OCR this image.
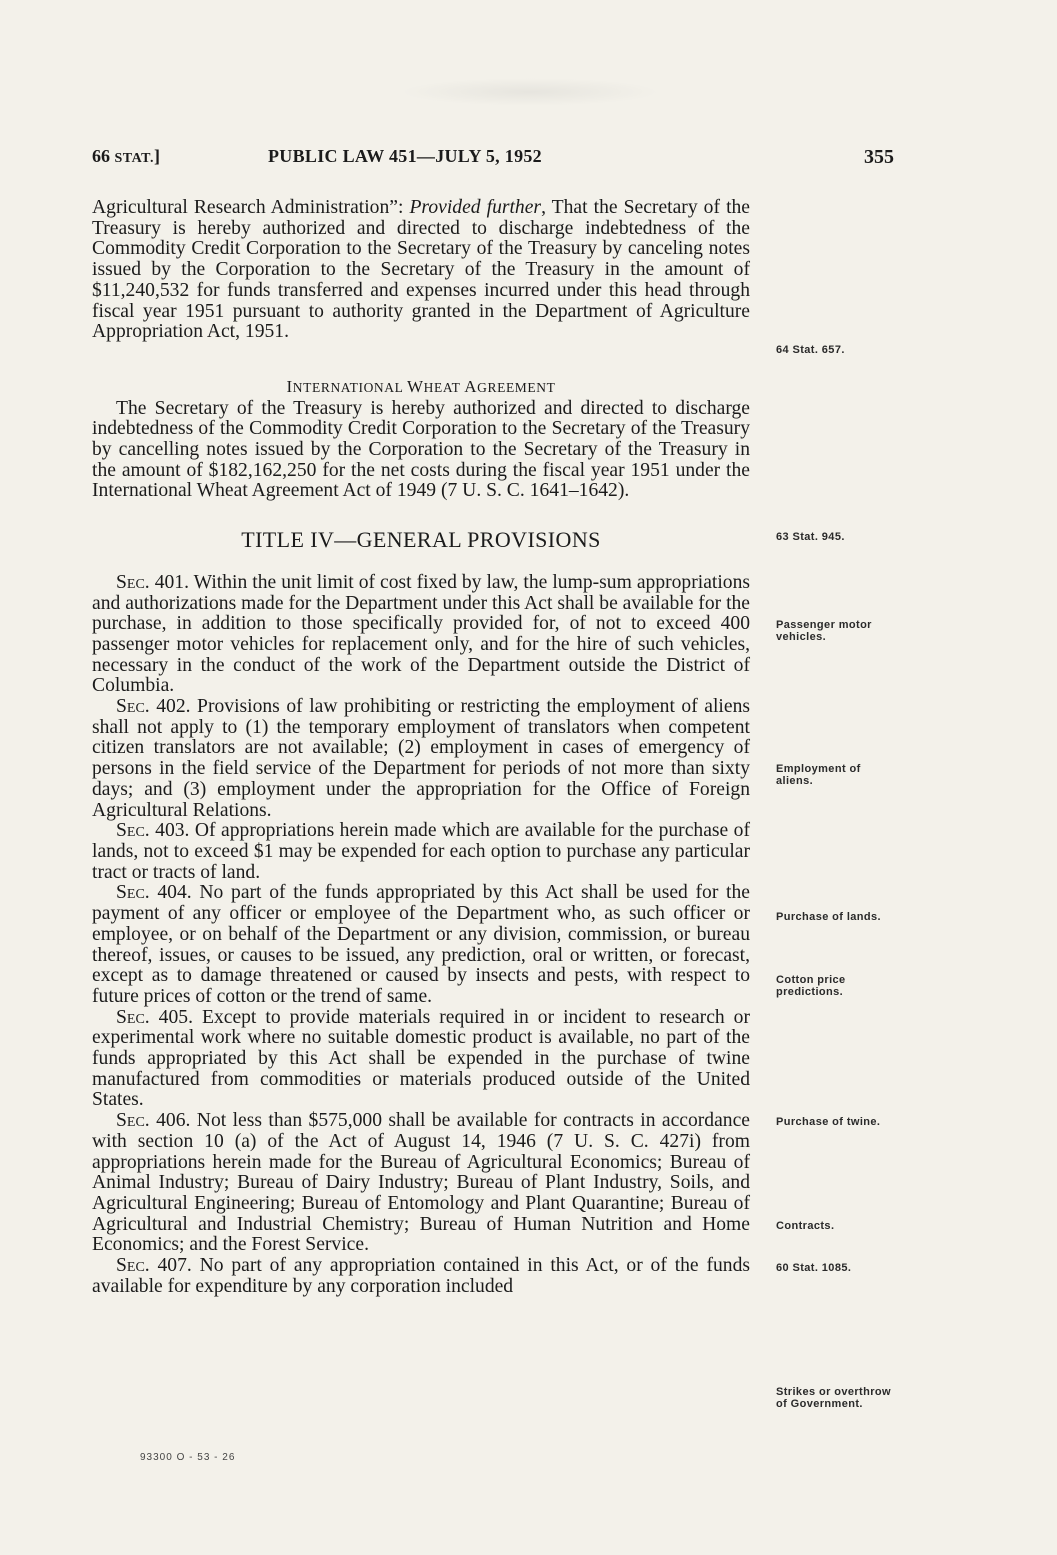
66 STAT.]	PUBLIC LAW 451—JULY 5, 1952	355

Agricultural Research Administration”: Provided further, That the Secretary of the Treasury is hereby authorized and directed to discharge indebtedness of the Commodity Credit Corporation to the Secretary of the Treasury by canceling notes issued by the Corporation to the Secretary of the Treasury in the amount of $11,240,532 for funds transferred and expenses incurred under this head through fiscal year 1951 pursuant to authority granted in the Department of Agriculture Appropriation Act, 1951.

INTERNATIONAL WHEAT AGREEMENT

The Secretary of the Treasury is hereby authorized and directed to discharge indebtedness of the Commodity Credit Corporation to the Secretary of the Treasury by cancelling notes issued by the Corporation to the Secretary of the Treasury in the amount of $182,162,250 for the net costs during the fiscal year 1951 under the International Wheat Agreement Act of 1949 (7 U. S. C. 1641–1642).

TITLE IV—GENERAL PROVISIONS

Sec. 401. Within the unit limit of cost fixed by law, the lump-sum appropriations and authorizations made for the Department under this Act shall be available for the purchase, in addition to those specifically provided for, of not to exceed 400 passenger motor vehicles for replacement only, and for the hire of such vehicles, necessary in the conduct of the work of the Department outside the District of Columbia.

Sec. 402. Provisions of law prohibiting or restricting the employment of aliens shall not apply to (1) the temporary employment of translators when competent citizen translators are not available; (2) employment in cases of emergency of persons in the field service of the Department for periods of not more than sixty days; and (3) employment under the appropriation for the Office of Foreign Agricultural Relations.

Sec. 403. Of appropriations herein made which are available for the purchase of lands, not to exceed $1 may be expended for each option to purchase any particular tract or tracts of land.

Sec. 404. No part of the funds appropriated by this Act shall be used for the payment of any officer or employee of the Department who, as such officer or employee, or on behalf of the Department or any division, commission, or bureau thereof, issues, or causes to be issued, any prediction, oral or written, or forecast, except as to damage threatened or caused by insects and pests, with respect to future prices of cotton or the trend of same.

Sec. 405. Except to provide materials required in or incident to research or experimental work where no suitable domestic product is available, no part of the funds appropriated by this Act shall be expended in the purchase of twine manufactured from commodities or materials produced outside of the United States.

Sec. 406. Not less than $575,000 shall be available for contracts in accordance with section 10 (a) of the Act of August 14, 1946 (7 U. S. C. 427i) from appropriations herein made for the Bureau of Agricultural Economics; Bureau of Animal Industry; Bureau of Dairy Industry; Bureau of Plant Industry, Soils, and Agricultural Engineering; Bureau of Entomology and Plant Quarantine; Bureau of Agricultural and Industrial Chemistry; Bureau of Human Nutrition and Home Economics; and the Forest Service.

Sec. 407. No part of any appropriation contained in this Act, or of the funds available for expenditure by any corporation included

64 Stat. 657.
63 Stat. 945.
Passenger motor vehicles.
Employment of aliens.
Purchase of lands.
Cotton price predictions.
Purchase of twine.
Contracts.
60 Stat. 1085.
Strikes or overthrow of Government.
93300 O - 53 - 26
